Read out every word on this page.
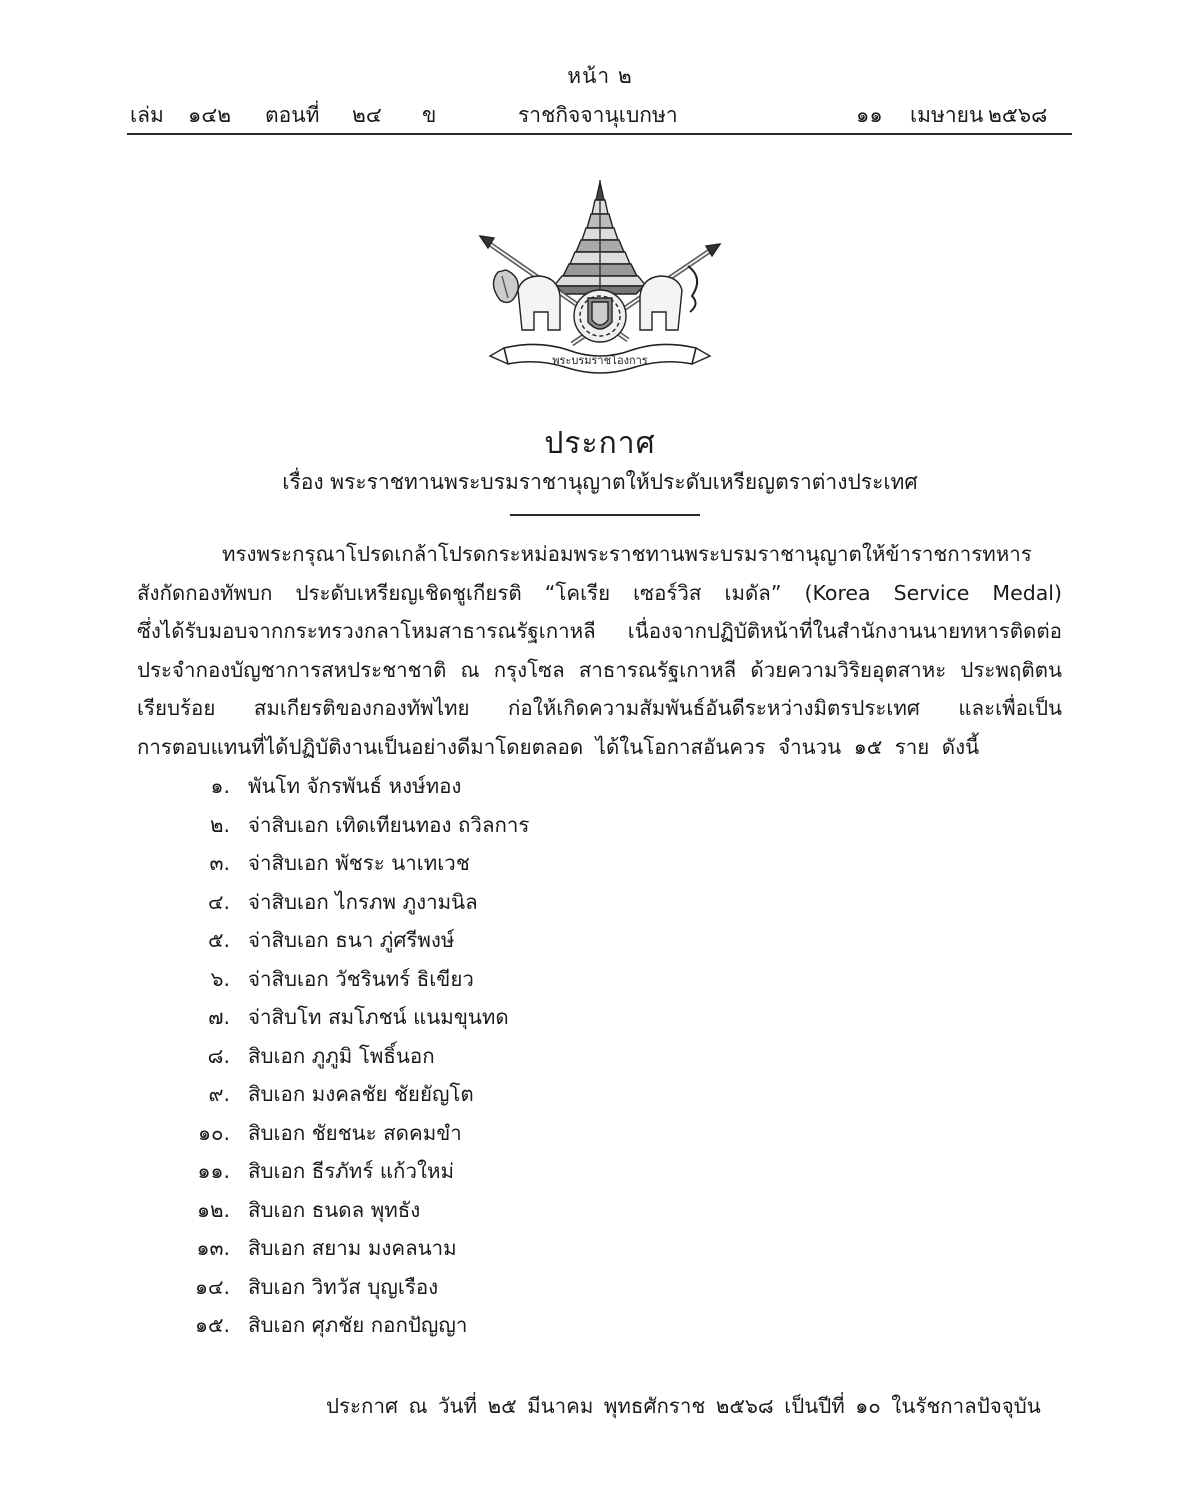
หน้า ๒
เล่ม ๑๔๒ ตอนที่ ๒๔ ข	ราชกิจจานุเบกษา	๑๑ เมษายน ๒๕๖๘
พระบรมราชโองการ
ประกาศ
เรื่อง พระราชทานพระบรมราชานุญาตให้ประดับเหรียญตราต่างประเทศ
ทรงพระกรุณาโปรดเกล้าโปรดกระหม่อมพระราชทานพระบรมราชานุญาตให้ข้าราชการทหาร
สังกัดกองทัพบก ประดับเหรียญเชิดชูเกียรติ “โคเรีย เซอร์วิส เมดัล” (Korea Service Medal)
ซึ่งได้รับมอบจากกระทรวงกลาโหมสาธารณรัฐเกาหลี เนื่องจากปฏิบัติหน้าที่ในสำนักงานนายทหารติดต่อ
ประจำกองบัญชาการสหประชาชาติ ณ กรุงโซล สาธารณรัฐเกาหลี ด้วยความวิริยอุตสาหะ ประพฤติตน
เรียบร้อย สมเกียรติของกองทัพไทย ก่อให้เกิดความสัมพันธ์อันดีระหว่างมิตรประเทศ และเพื่อเป็น
การตอบแทนที่ได้ปฏิบัติงานเป็นอย่างดีมาโดยตลอด ได้ในโอกาสอันควร จำนวน ๑๕ ราย ดังนี้
๑. พันโท จักรพันธ์ หงษ์ทอง
๒. จ่าสิบเอก เทิดเทียนทอง ถวิลการ
๓. จ่าสิบเอก พัชระ นาเทเวช
๔. จ่าสิบเอก ไกรภพ ภูงามนิล
๕. จ่าสิบเอก ธนา ภู่ศรีพงษ์
๖. จ่าสิบเอก วัชรินทร์ ธิเขียว
๗. จ่าสิบโท สมโภชน์ แนมขุนทด
๘. สิบเอก ภูภูมิ โพธิ์นอก
๙. สิบเอก มงคลชัย ชัยยัญโต
๑๐. สิบเอก ชัยชนะ สดคมขำ
๑๑. สิบเอก ธีรภัทร์ แก้วใหม่
๑๒. สิบเอก ธนดล พุทธัง
๑๓. สิบเอก สยาม มงคลนาม
๑๔. สิบเอก วิทวัส บุญเรือง
๑๕. สิบเอก ศุภชัย กอกปัญญา
ประกาศ ณ วันที่ ๒๕ มีนาคม พุทธศักราช ๒๕๖๘ เป็นปีที่ ๑๐ ในรัชกาลปัจจุบัน
